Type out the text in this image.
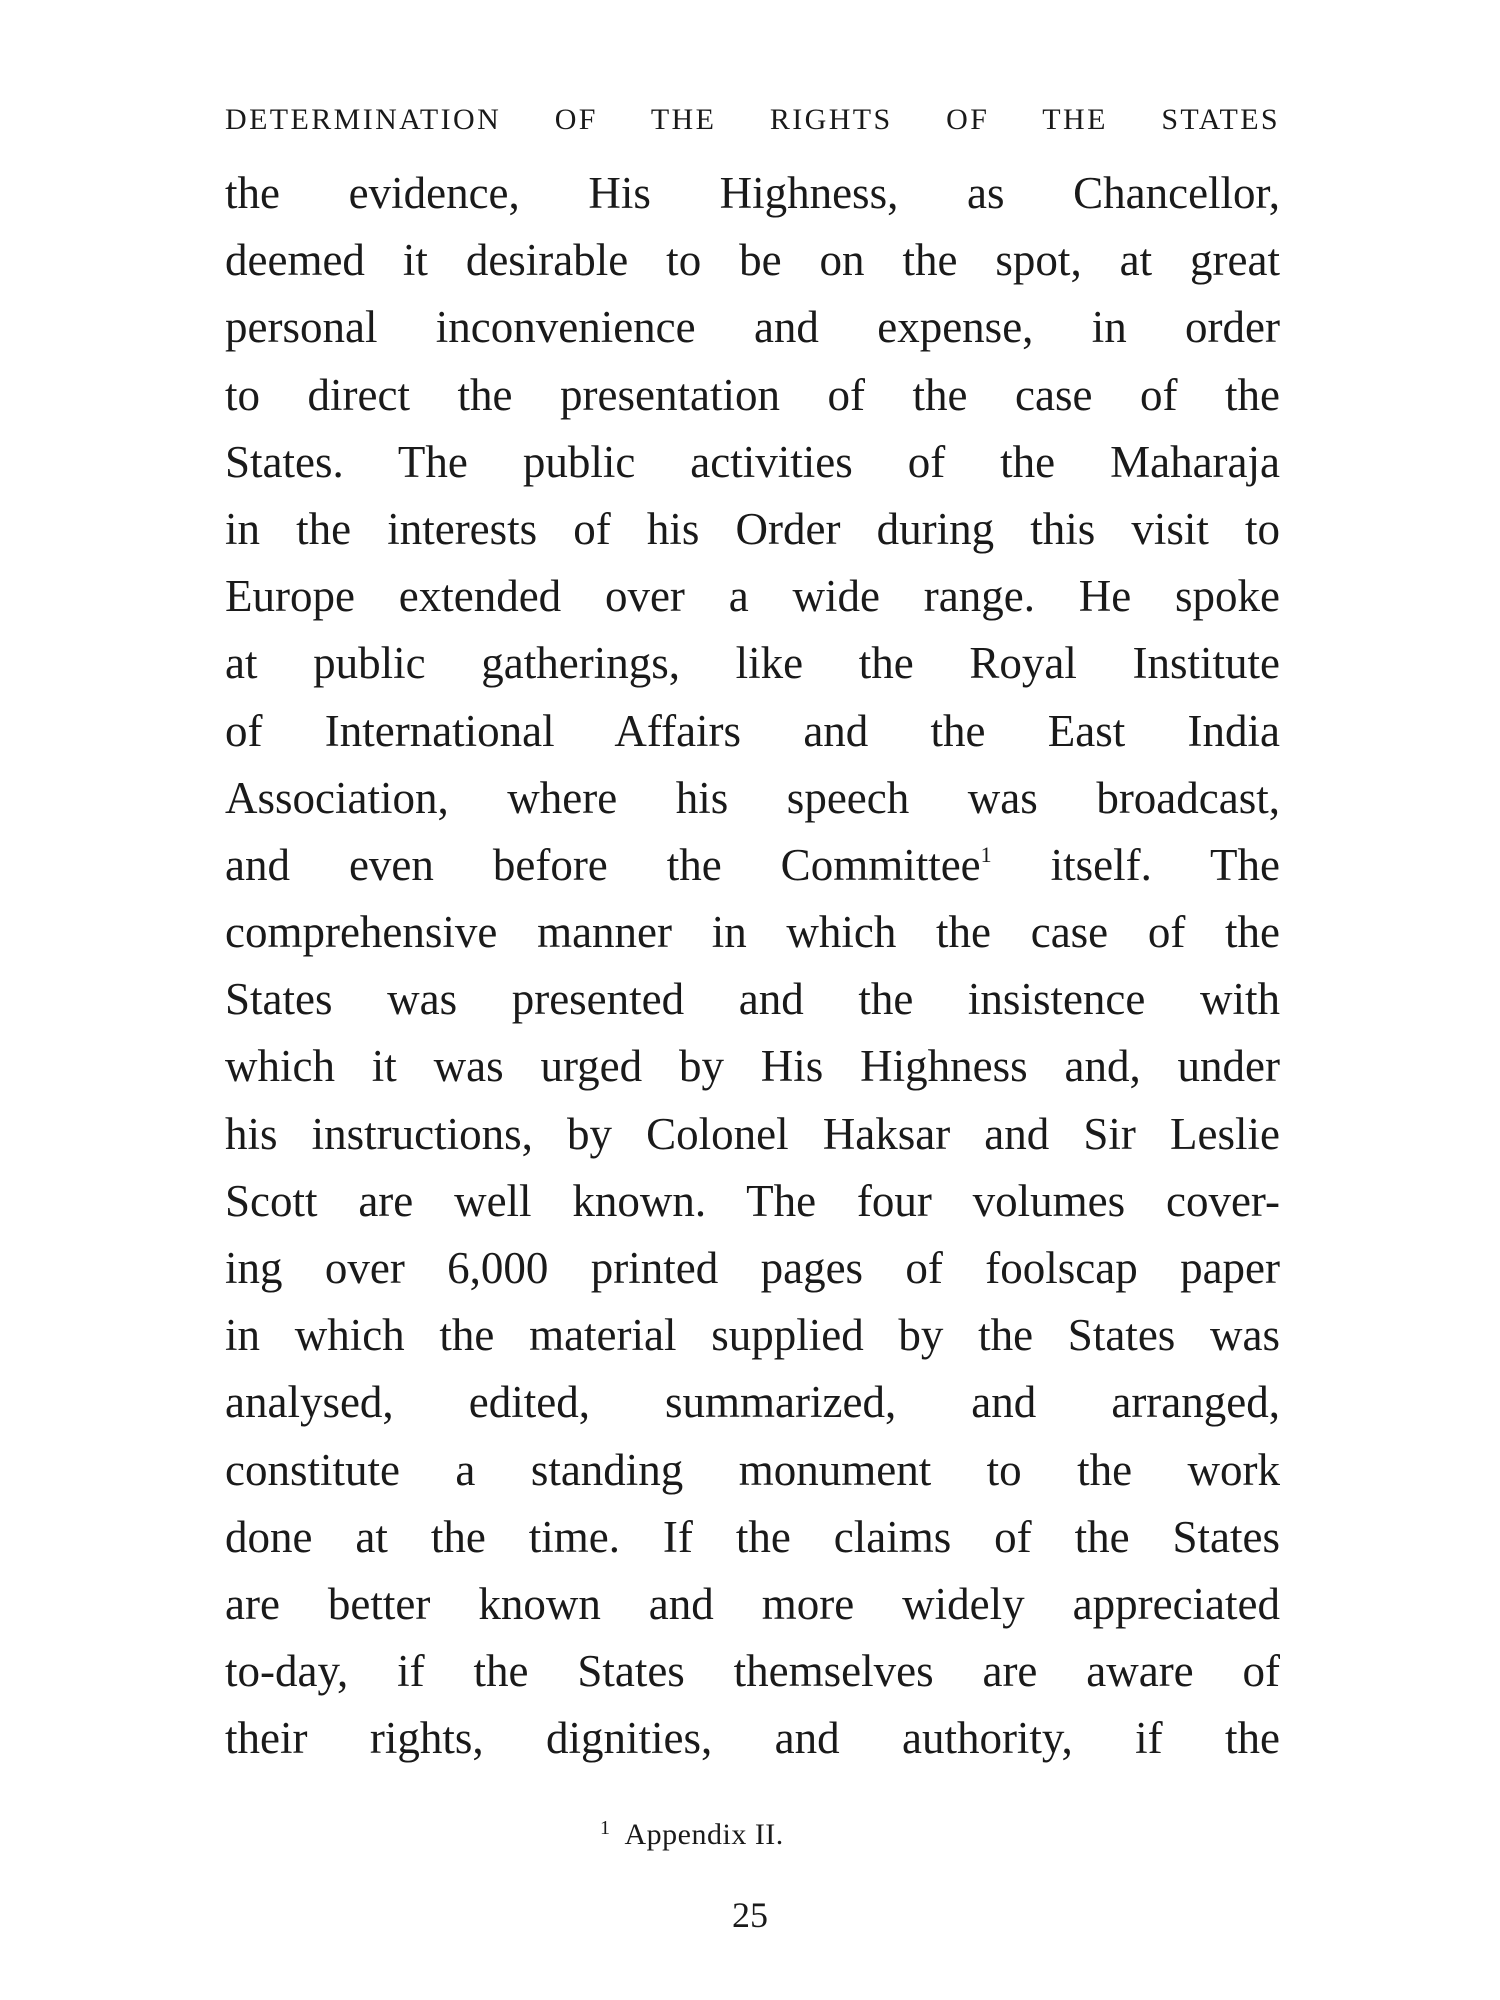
DETERMINATION OF THE RIGHTS OF THE STATES
the evidence, His Highness, as Chancellor,
deemed it desirable to be on the spot, at great
personal inconvenience and expense, in order
to direct the presentation of the case of the
States. The public activities of the Maharaja
in the interests of his Order during this visit to
Europe extended over a wide range. He spoke
at public gatherings, like the Royal Institute
of International Affairs and the East India
Association, where his speech was broadcast,
and even before the Committee$^1$ itself. The
comprehensive manner in which the case of the
States was presented and the insistence with
which it was urged by His Highness and, under
his instructions, by Colonel Haksar and Sir Leslie
Scott are well known. The four volumes cover-
ing over 6,000 printed pages of foolscap paper
in which the material supplied by the States was
analysed, edited, summarized, and arranged,
constitute a standing monument to the work
done at the time. If the claims of the States
are better known and more widely appreciated
to-day, if the States themselves are aware of
their rights, dignities, and authority, if the
$^1$ Appendix II.
25
